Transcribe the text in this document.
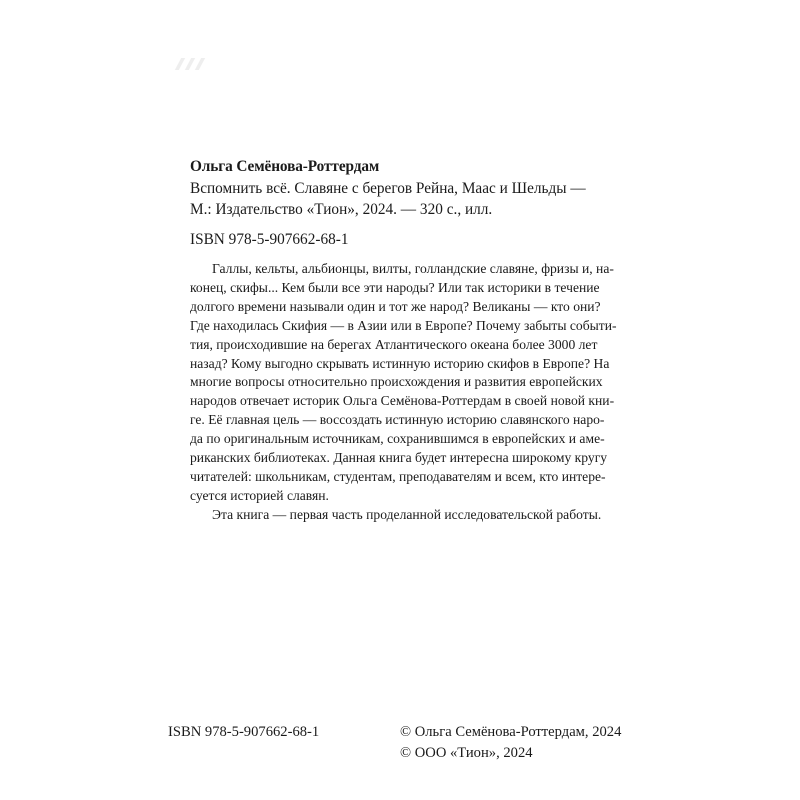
Ольга Семёнова-Роттердам
Вспомнить всё. Славяне с берегов Рейна, Маас и Шельды —
М.: Издательство «Тион», 2024. — 320 с., илл.
ISBN 978-5-907662-68-1
Галлы, кельты, альбионцы, вилты, голландские славяне, фризы и, на-
конец, скифы... Кем были все эти народы? Или так историки в течение
долгого времени называли один и тот же народ? Великаны — кто они?
Где находилась Скифия — в Азии или в Европе? Почему забыты событи-
тия, происходившие на берегах Атлантического океана более 3000 лет
назад? Кому выгодно скрывать истинную историю скифов в Европе? На
многие вопросы относительно происхождения и развития европейских
народов отвечает историк Ольга Семёнова-Роттердам в своей новой кни-
ге. Её главная цель — воссоздать истинную историю славянского наро-
да по оригинальным источникам, сохранившимся в европейских и аме-
риканских библиотеках. Данная книга будет интересна широкому кругу
читателей: школьникам, студентам, преподавателям и всем, кто интере-
суется историей славян.
Эта книга — первая часть проделанной исследовательской работы.
ISBN 978-5-907662-68-1	© Ольга Семёнова-Роттердам, 2024
© ООО «Тион», 2024
